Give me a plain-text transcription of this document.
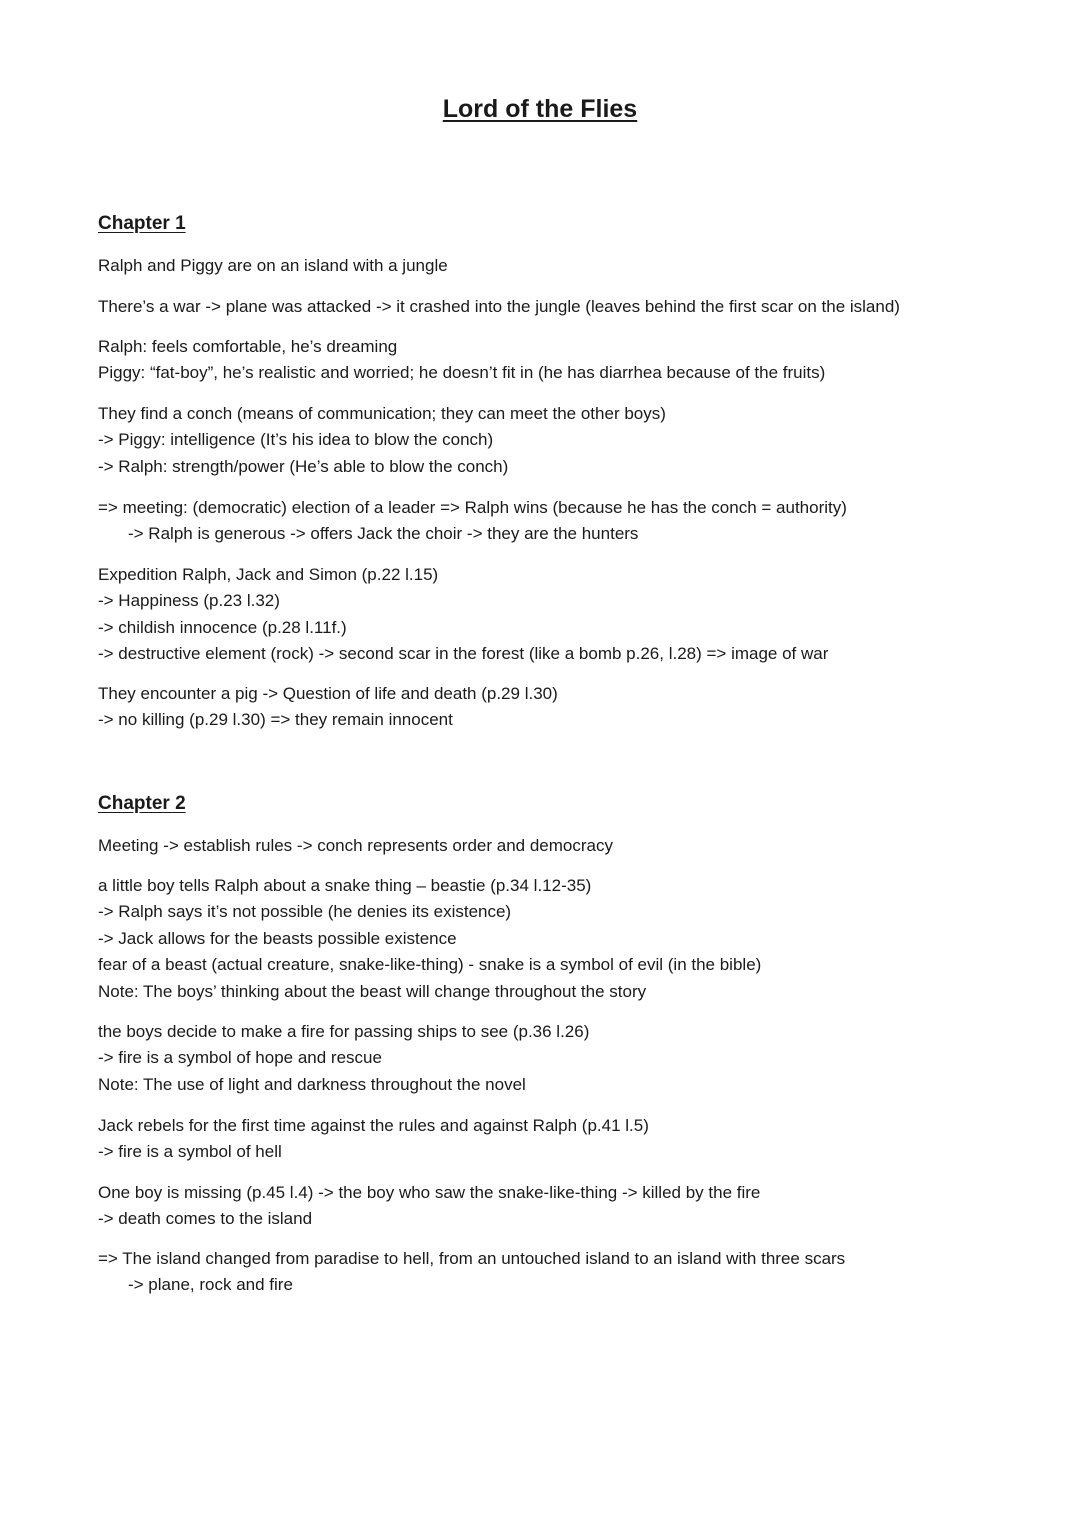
Lord of the Flies
Chapter 1
Ralph and Piggy are on an island with a jungle
There’s a war -> plane was attacked -> it crashed into the jungle (leaves behind the first scar on the island)
Ralph: feels comfortable, he’s dreaming
Piggy: “fat-boy”, he’s realistic and worried; he doesn’t fit in (he has diarrhea because of the fruits)
They find a conch (means of communication; they can meet the other boys)
-> Piggy: intelligence (It’s his idea to blow the conch)
-> Ralph: strength/power (He’s able to blow the conch)
=> meeting: (democratic) election of a leader => Ralph wins (because he has the conch = authority)
-> Ralph is generous -> offers Jack the choir -> they are the hunters
Expedition Ralph, Jack and Simon (p.22 l.15)
-> Happiness (p.23 l.32)
-> childish innocence (p.28 l.11f.)
-> destructive element (rock) -> second scar in the forest (like a bomb p.26, l.28) => image of war
They encounter a pig -> Question of life and death (p.29 l.30)
-> no killing (p.29 l.30) => they remain innocent
Chapter 2
Meeting -> establish rules -> conch represents order and democracy
a little boy tells Ralph about a snake thing – beastie (p.34 l.12-35)
-> Ralph says it’s not possible (he denies its existence)
-> Jack allows for the beasts possible existence
fear of a beast (actual creature, snake-like-thing) - snake is a symbol of evil (in the bible)
Note: The boys’ thinking about the beast will change throughout the story
the boys decide to make a fire for passing ships to see (p.36 l.26)
-> fire is a symbol of hope and rescue
Note: The use of light and darkness throughout the novel
Jack rebels for the first time against the rules and against Ralph (p.41 l.5)
-> fire is a symbol of hell
One boy is missing (p.45 l.4) -> the boy who saw the snake-like-thing -> killed by the fire
-> death comes to the island
=> The island changed from paradise to hell, from an untouched island to an island with three scars
-> plane, rock and fire
